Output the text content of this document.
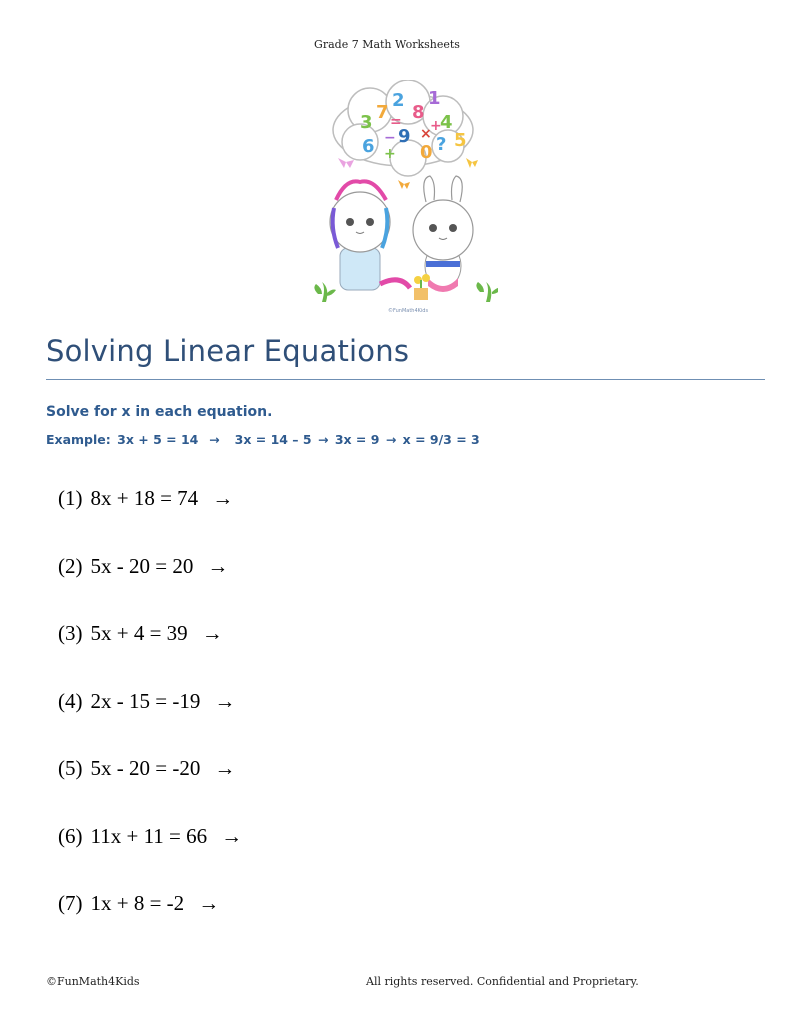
Grade 7 Math Worksheets
3 7
2
8
1
4
6 9
0 ? 5
=
×
+
+
−
©FunMath4Kids
Solving Linear Equations
Solve for x in each equation.
Example: 3x + 5 = 14 → 3x = 14 – 5 → 3x = 9 → x = 9/3 = 3
(1) 8x + 18 = 74 →
(2) 5x - 20 = 20 →
(3) 5x + 4 = 39 →
(4) 2x - 15 = -19 →
(5) 5x - 20 = -20 →
(6) 11x + 11 = 66 →
(7) 1x + 8 = -2 →
©FunMath4Kids	All rights reserved. Confidential and Proprietary.
